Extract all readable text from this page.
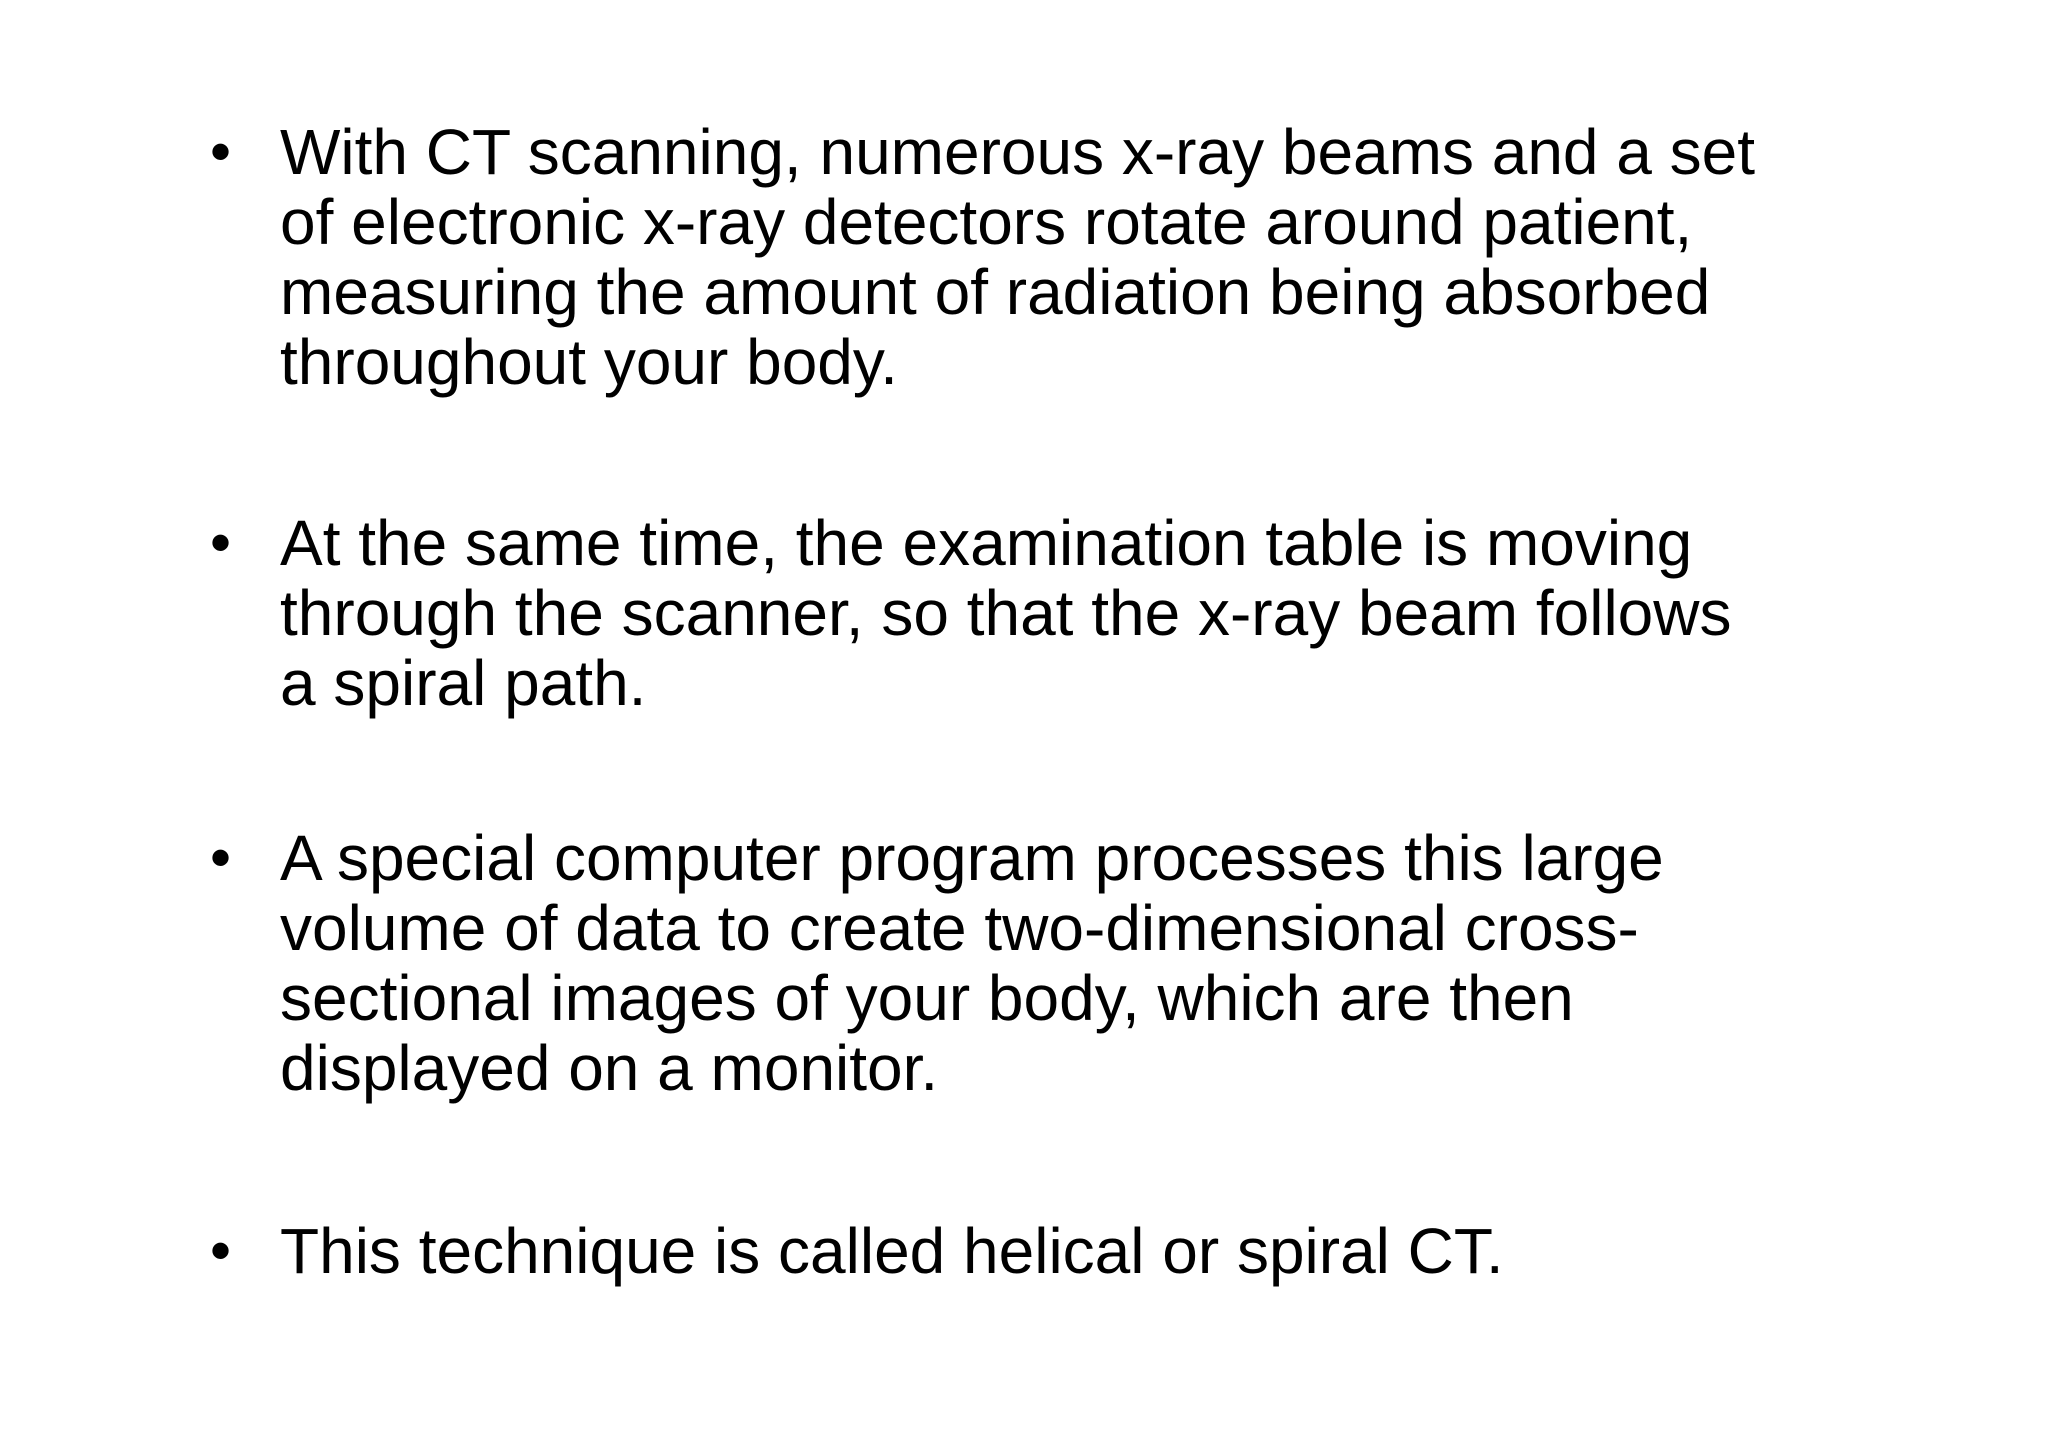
• With CT scanning, numerous x-ray beams and a set
of electronic x-ray detectors rotate around patient,
measuring the amount of radiation being absorbed
throughout your body.
• At the same time, the examination table is moving
through the scanner, so that the x-ray beam follows
a spiral path.
• A special computer program processes this large
volume of data to create two-dimensional cross-
sectional images of your body, which are then
displayed on a monitor.
• This technique is called helical or spiral CT.
